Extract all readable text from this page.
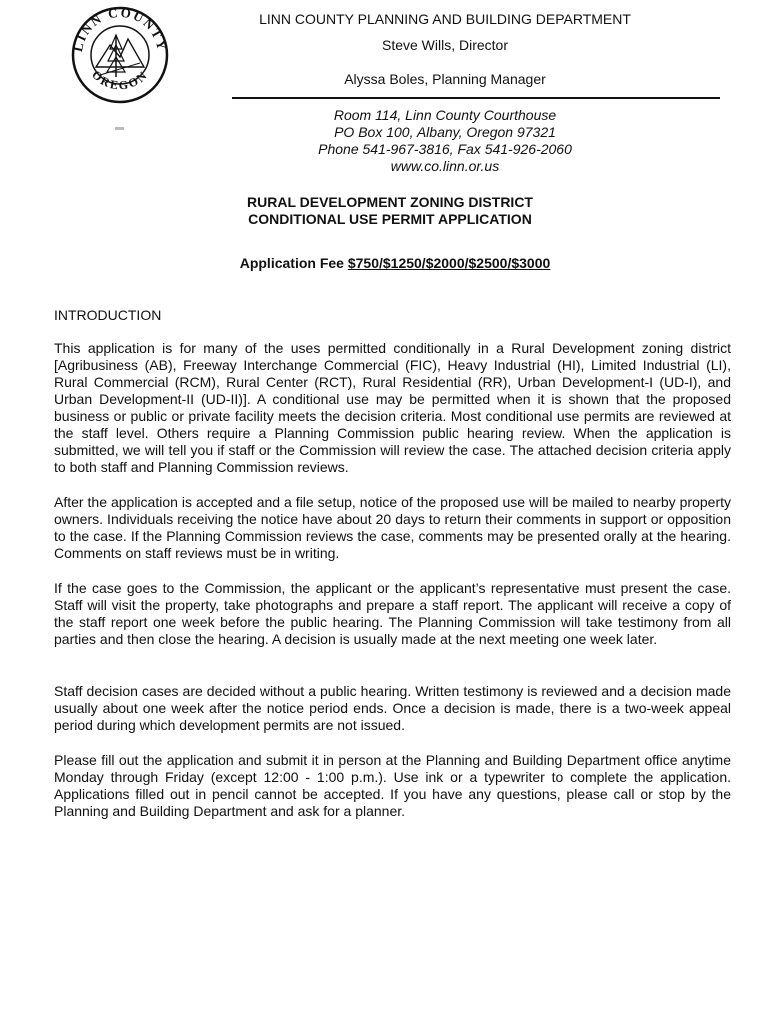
LINN COUNTY
OREGON
LINN COUNTY PLANNING AND BUILDING DEPARTMENT
Steve Wills, Director
Alyssa Boles, Planning Manager
Room 114, Linn County Courthouse
PO Box 100, Albany, Oregon 97321
Phone 541-967-3816, Fax 541-926-2060
www.co.linn.or.us
RURAL DEVELOPMENT ZONING DISTRICT
CONDITIONAL USE PERMIT APPLICATION
Application Fee $750/$1250/$2000/$2500/$3000
INTRODUCTION

This application is for many of the uses permitted conditionally in a Rural Development zoning district [Agribusiness (AB), Freeway Interchange Commercial (FIC), Heavy Industrial (HI), Limited Industrial (LI), Rural Commercial (RCM), Rural Center (RCT), Rural Residential (RR), Urban Development-I (UD-I), and Urban Development-II (UD-II)]. A conditional use may be permitted when it is shown that the proposed business or public or private facility meets the decision criteria. Most conditional use permits are reviewed at the staff level. Others require a Planning Commission public hearing review. When the application is submitted, we will tell you if staff or the Commission will review the case. The attached decision criteria apply to both staff and Planning Commission reviews.

After the application is accepted and a file setup, notice of the proposed use will be mailed to nearby property owners. Individuals receiving the notice have about 20 days to return their comments in support or opposition to the case. If the Planning Commission reviews the case, comments may be presented orally at the hearing. Comments on staff reviews must be in writing.

If the case goes to the Commission, the applicant or the applicant’s representative must present the case. Staff will visit the property, take photographs and prepare a staff report. The applicant will receive a copy of the staff report one week before the public hearing. The Planning Commission will take testimony from all parties and then close the hearing. A decision is usually made at the next meeting one week later.

Staff decision cases are decided without a public hearing. Written testimony is reviewed and a decision made usually about one week after the notice period ends. Once a decision is made, there is a two-week appeal period during which development permits are not issued.

Please fill out the application and submit it in person at the Planning and Building Department office anytime Monday through Friday (except 12:00 - 1:00 p.m.). Use ink or a typewriter to complete the application. Applications filled out in pencil cannot be accepted. If you have any questions, please call or stop by the Planning and Building Department and ask for a planner.
